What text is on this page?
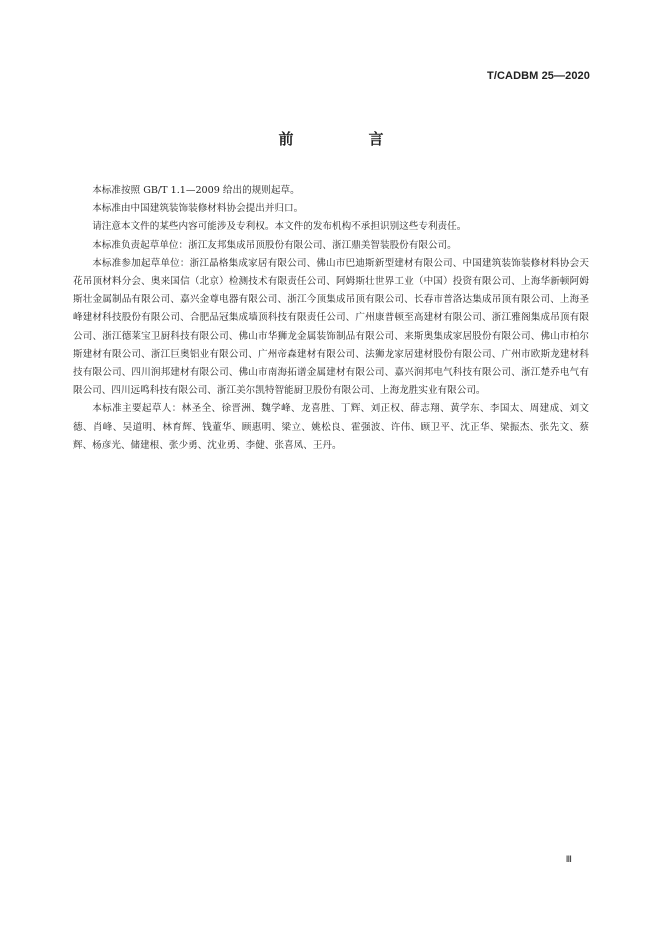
T/CADBM 25—2020
前　言

本标准按照 GB/T 1.1—2009 给出的规则起草。

本标准由中国建筑装饰装修材料协会提出并归口。

请注意本文件的某些内容可能涉及专利权。本文件的发布机构不承担识别这些专利责任。

本标准负责起草单位：浙江友邦集成吊顶股份有限公司、浙江鼎美智装股份有限公司。

本标准参加起草单位：浙江晶格集成家居有限公司、佛山市巴迪斯新型建材有限公司、中国建筑装饰装修材料协会天花吊顶材料分会、奥来国信（北京）检测技术有限责任公司、阿姆斯壮世界工业（中国）投资有限公司、上海华新顿阿姆斯壮金属制品有限公司、嘉兴金尊电器有限公司、浙江今顶集成吊顶有限公司、长春市普洛达集成吊顶有限公司、上海圣峰建材科技股份有限公司、合肥品冠集成墙顶科技有限责任公司、广州康普顿至高建材有限公司、浙江雅阁集成吊顶有限公司、浙江德莱宝卫厨科技有限公司、佛山市华狮龙金属装饰制品有限公司、来斯奥集成家居股份有限公司、佛山市柏尔斯建材有限公司、浙江巨奥铝业有限公司、广州帝森建材有限公司、法狮龙家居建材股份有限公司、广州市欧斯龙建材科技有限公司、四川润邦建材有限公司、佛山市南海拓谱金属建材有限公司、嘉兴润邦电气科技有限公司、浙江楚乔电气有限公司、四川远鸣科技有限公司、浙江美尔凯特智能厨卫股份有限公司、上海龙胜实业有限公司。

本标准主要起草人：林圣全、徐晋洲、魏学峰、龙喜胜、丁辉、刘正权、薛志翔、黄学东、李国太、周建成、刘文德、肖峰、吴道明、林育辉、钱董华、顾惠明、梁立、姚松良、霍强波、许伟、顾卫平、沈正华、梁振杰、张先文、蔡辉、杨彦光、储建根、张少勇、沈业勇、李健、张喜凤、王丹。

Ⅲ
